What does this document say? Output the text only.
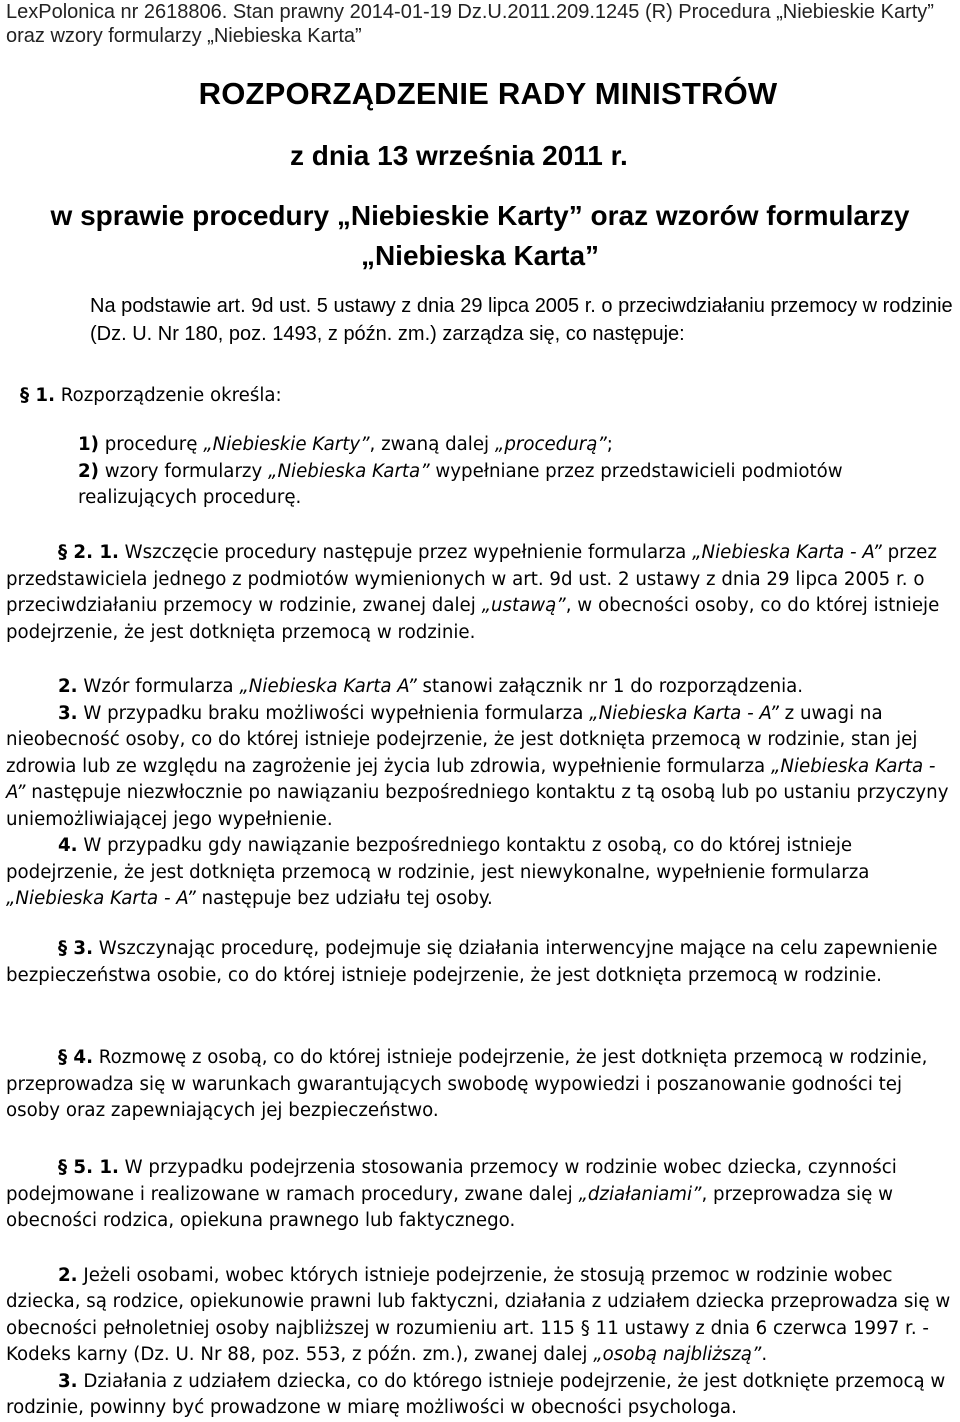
LexPolonica nr 2618806. Stan prawny 2014-01-19 Dz.U.2011.209.1245 (R) Procedura „Niebieskie Karty” oraz wzory formularzy „Niebieska Karta”
ROZPORZĄDZENIE RADY MINISTRÓW
z dnia 13 września 2011 r.
w sprawie procedury „Niebieskie Karty” oraz wzorów formularzy
„Niebieska Karta”
Na podstawie art. 9d ust. 5 ustawy z dnia 29 lipca 2005 r. o przeciwdziałaniu przemocy w rodzinie (Dz. U. Nr 180, poz. 1493, z późn. zm.) zarządza się, co następuje:
§ 1. Rozporządzenie określa:
1) procedurę „Niebieskie Karty”, zwaną dalej „procedurą”;
2) wzory formularzy „Niebieska Karta” wypełniane przez przedstawicieli podmiotów realizujących procedurę.
§ 2. 1. Wszczęcie procedury następuje przez wypełnienie formularza „Niebieska Karta - A” przez przedstawiciela jednego z podmiotów wymienionych w art. 9d ust. 2 ustawy z dnia 29 lipca 2005 r. o przeciwdziałaniu przemocy w rodzinie, zwanej dalej „ustawą”, w obecności osoby, co do której istnieje podejrzenie, że jest dotknięta przemocą w rodzinie.
2. Wzór formularza „Niebieska Karta A” stanowi załącznik nr 1 do rozporządzenia.
3. W przypadku braku możliwości wypełnienia formularza „Niebieska Karta - A” z uwagi na nieobecność osoby, co do której istnieje podejrzenie, że jest dotknięta przemocą w rodzinie, stan jej zdrowia lub ze względu na zagrożenie jej życia lub zdrowia, wypełnienie formularza „Niebieska Karta - A” następuje niezwłocznie po nawiązaniu bezpośredniego kontaktu z tą osobą lub po ustaniu przyczyny uniemożliwiającej jego wypełnienie.
4. W przypadku gdy nawiązanie bezpośredniego kontaktu z osobą, co do której istnieje podejrzenie, że jest dotknięta przemocą w rodzinie, jest niewykonalne, wypełnienie formularza „Niebieska Karta - A” następuje bez udziału tej osoby.
§ 3. Wszczynając procedurę, podejmuje się działania interwencyjne mające na celu zapewnienie bezpieczeństwa osobie, co do której istnieje podejrzenie, że jest dotknięta przemocą w rodzinie.
§ 4. Rozmowę z osobą, co do której istnieje podejrzenie, że jest dotknięta przemocą w rodzinie, przeprowadza się w warunkach gwarantujących swobodę wypowiedzi i poszanowanie godności tej osoby oraz zapewniających jej bezpieczeństwo.
§ 5. 1. W przypadku podejrzenia stosowania przemocy w rodzinie wobec dziecka, czynności podejmowane i realizowane w ramach procedury, zwane dalej „działaniami”, przeprowadza się w obecności rodzica, opiekuna prawnego lub faktycznego.
2. Jeżeli osobami, wobec których istnieje podejrzenie, że stosują przemoc w rodzinie wobec dziecka, są rodzice, opiekunowie prawni lub faktyczni, działania z udziałem dziecka przeprowadza się w obecności pełnoletniej osoby najbliższej w rozumieniu art. 115 § 11 ustawy z dnia 6 czerwca 1997 r. - Kodeks karny (Dz. U. Nr 88, poz. 553, z późn. zm.), zwanej dalej „osobą najbliższą”.
3. Działania z udziałem dziecka, co do którego istnieje podejrzenie, że jest dotknięte przemocą w rodzinie, powinny być prowadzone w miarę możliwości w obecności psychologa.
